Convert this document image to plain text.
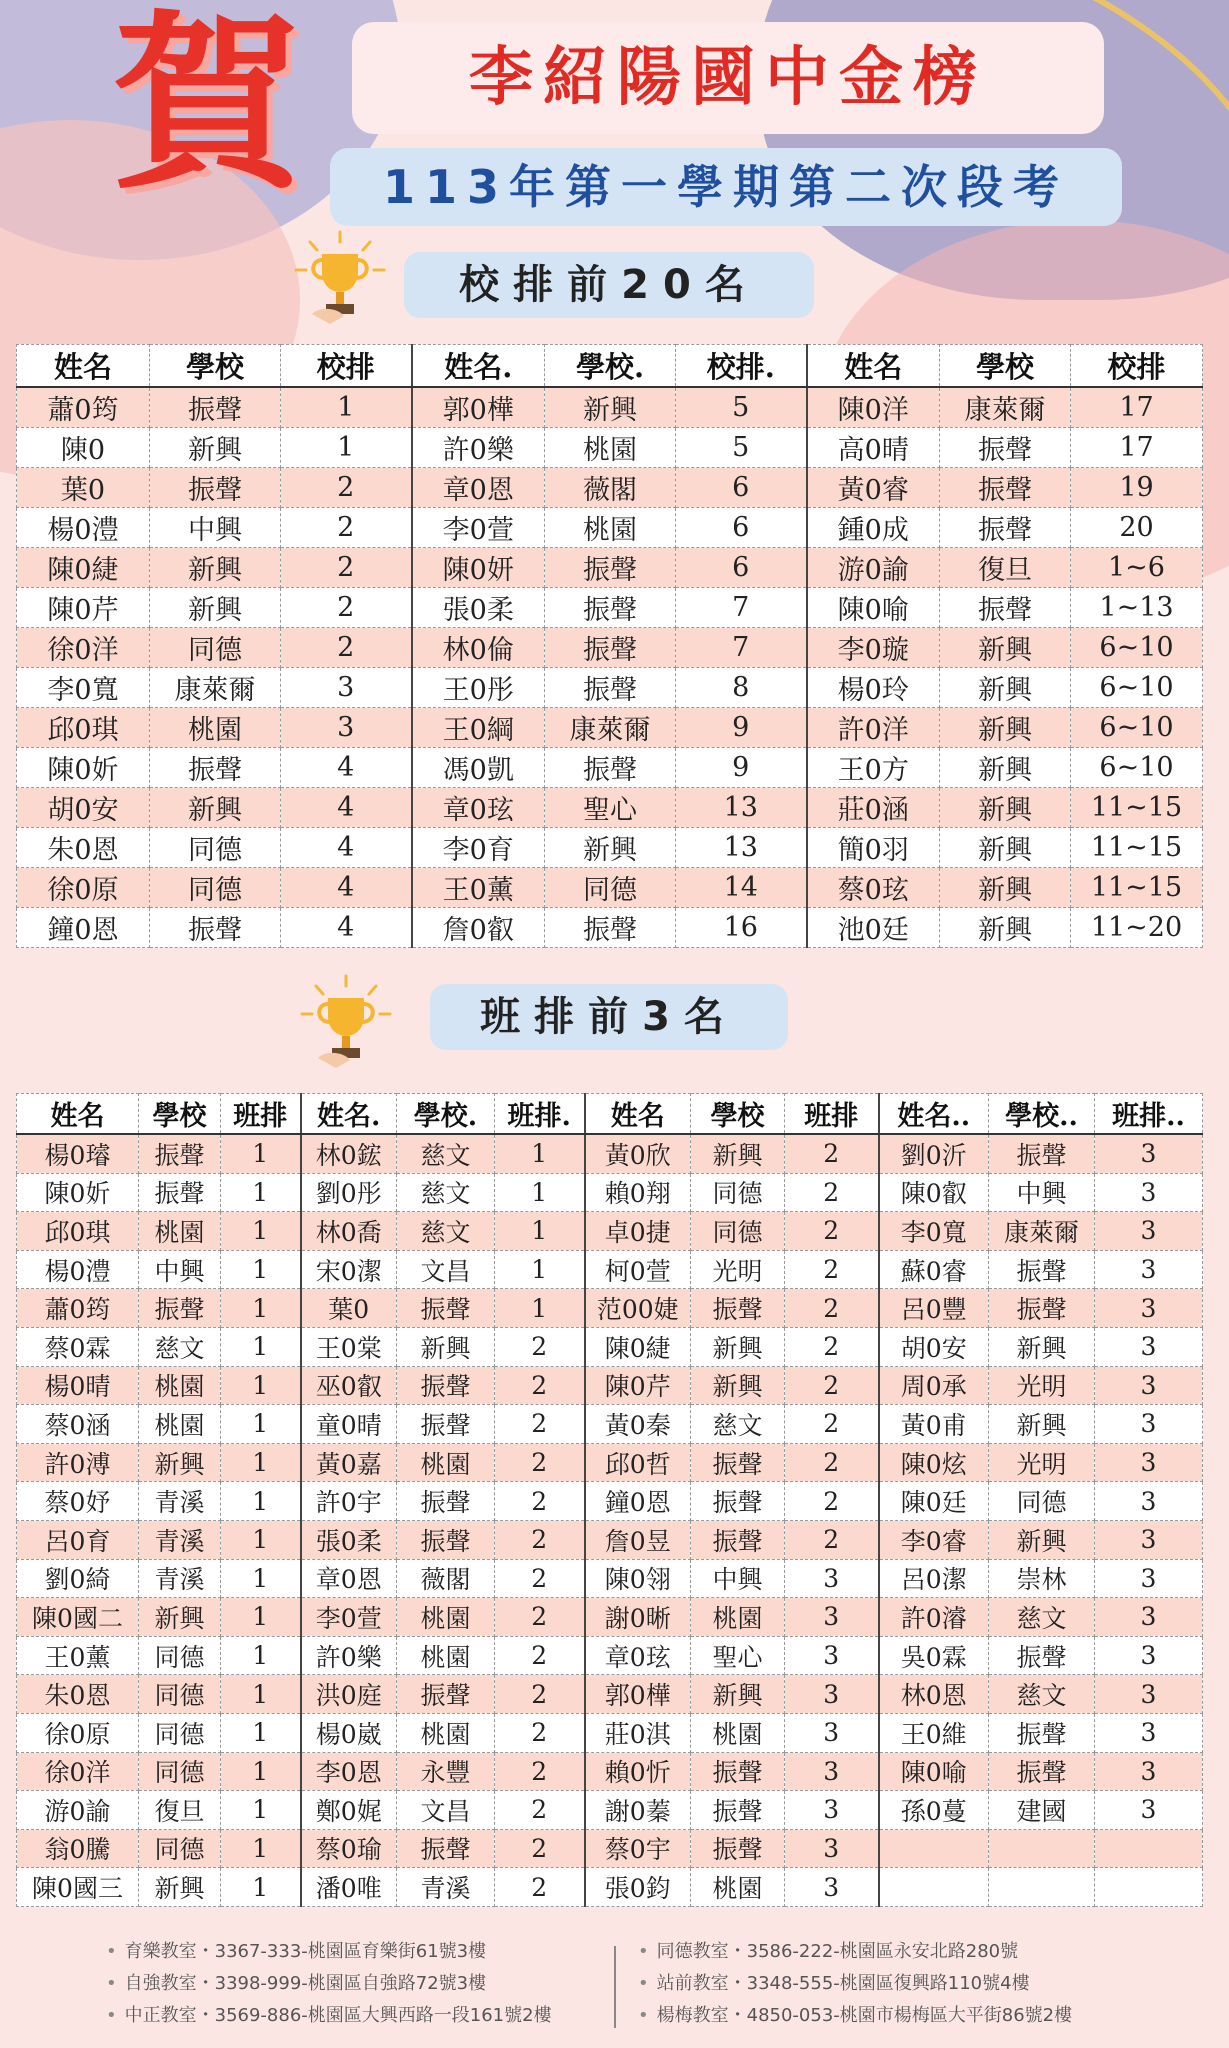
賀	李紹陽國中金榜
113年第一學期第二次段考
校排前20名
姓名	學校	校排	姓名.	學校.	校排.	姓名	學校	校排
蕭0筠	振聲	1	郭0樺	新興	5	陳0洋	康萊爾	17
陳0	新興	1	許0樂	桃園	5	高0晴	振聲	17
葉0	振聲	2	章0恩	薇閣	6	黃0睿	振聲	19
楊0澧	中興	2	李0萱	桃園	6	鍾0成	振聲	20
陳0緁	新興	2	陳0妍	振聲	6	游0諭	復旦	1~6
陳0芹	新興	2	張0柔	振聲	7	陳0喻	振聲	1~13
徐0洋	同德	2	林0倫	振聲	7	李0璇	新興	6~10
李0寬	康萊爾	3	王0彤	振聲	8	楊0玲	新興	6~10
邱0琪	桃園	3	王0綱	康萊爾	9	許0洋	新興	6~10
陳0妡	振聲	4	馮0凱	振聲	9	王0方	新興	6~10
胡0安	新興	4	章0玹	聖心	13	莊0涵	新興	11~15
朱0恩	同德	4	李0育	新興	13	簡0羽	新興	11~15
徐0原	同德	4	王0薰	同德	14	蔡0玹	新興	11~15
鐘0恩	振聲	4	詹0叡	振聲	16	池0廷	新興	11~20
班排前3名
姓名	學校	班排	姓名.	學校.	班排.	姓名	學校	班排	姓名..	學校..	班排..
楊0璿	振聲	1	林0鋐	慈文	1	黃0欣	新興	2	劉0沂	振聲	3
陳0妡	振聲	1	劉0彤	慈文	1	賴0翔	同德	2	陳0叡	中興	3
邱0琪	桃園	1	林0喬	慈文	1	卓0捷	同德	2	李0寬	康萊爾	3
楊0澧	中興	1	宋0潔	文昌	1	柯0萱	光明	2	蘇0睿	振聲	3
蕭0筠	振聲	1	葉0	振聲	1	范00婕	振聲	2	呂0豐	振聲	3
蔡0霖	慈文	1	王0棠	新興	2	陳0緁	新興	2	胡0安	新興	3
楊0晴	桃園	1	巫0叡	振聲	2	陳0芹	新興	2	周0承	光明	3
蔡0涵	桃園	1	童0晴	振聲	2	黃0秦	慈文	2	黃0甫	新興	3
許0溥	新興	1	黃0嘉	桃園	2	邱0哲	振聲	2	陳0炫	光明	3
蔡0妤	青溪	1	許0宇	振聲	2	鐘0恩	振聲	2	陳0廷	同德	3
呂0育	青溪	1	張0柔	振聲	2	詹0昱	振聲	2	李0睿	新興	3
劉0綺	青溪	1	章0恩	薇閣	2	陳0翎	中興	3	呂0潔	崇林	3
陳0國二	新興	1	李0萱	桃園	2	謝0晰	桃園	3	許0濬	慈文	3
王0薰	同德	1	許0樂	桃園	2	章0玹	聖心	3	吳0霖	振聲	3
朱0恩	同德	1	洪0庭	振聲	2	郭0樺	新興	3	林0恩	慈文	3
徐0原	同德	1	楊0崴	桃園	2	莊0淇	桃園	3	王0維	振聲	3
徐0洋	同德	1	李0恩	永豐	2	賴0忻	振聲	3	陳0喻	振聲	3
游0諭	復旦	1	鄭0娓	文昌	2	謝0蓁	振聲	3	孫0蔓	建國	3
翁0騰	同德	1	蔡0瑜	振聲	2	蔡0宇	振聲	3			
陳0國三	新興	1	潘0唯	青溪	2	張0鈞	桃園	3			
• 育樂教室・3367-333-桃園區育樂街61號3樓
• 自強教室・3398-999-桃園區自強路72號3樓
• 中正教室・3569-886-桃園區大興西路一段161號2樓
• 同德教室・3586-222-桃園區永安北路280號
• 站前教室・3348-555-桃園區復興路110號4樓
• 楊梅教室・4850-053-桃園市楊梅區大平街86號2樓
